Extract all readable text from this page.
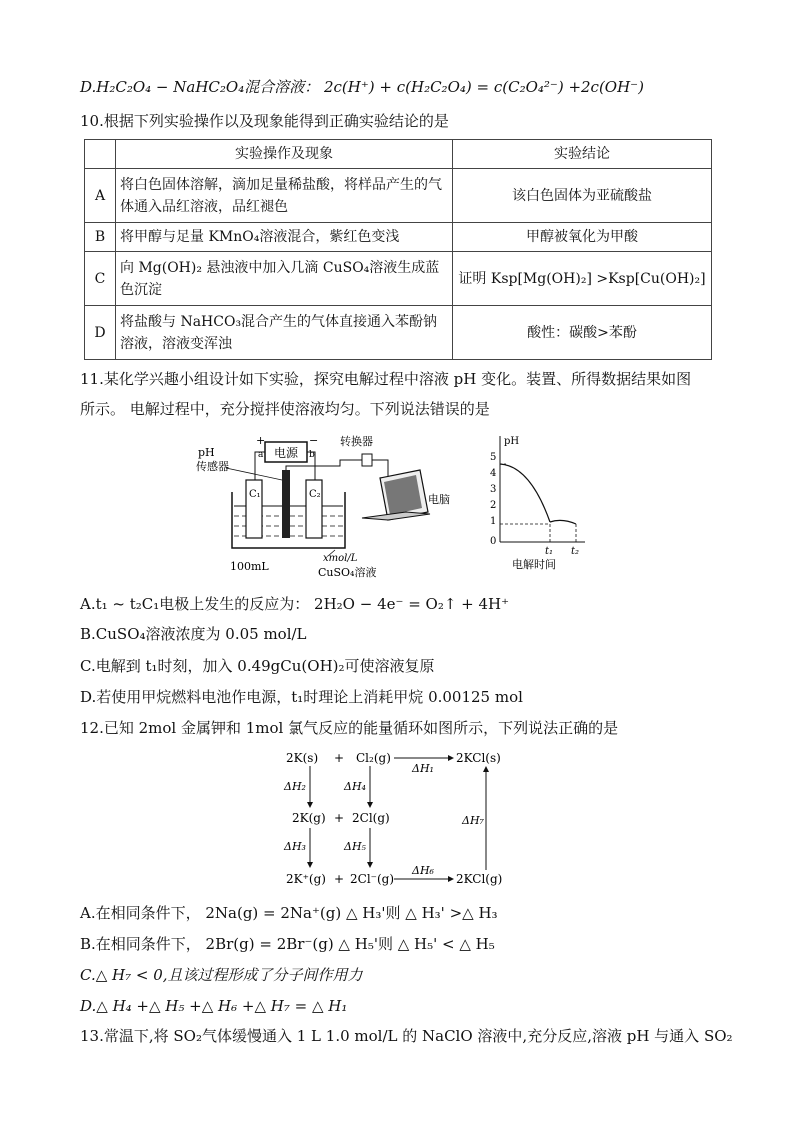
D.H₂C₂O₄ − NaHC₂O₄混合溶液： 2c(H⁺) + c(H₂C₂O₄) = c(C₂O₄²⁻) +2c(OH⁻)
10.根据下列实验操作以及现象能得到正确实验结论的是
	实验操作及现象	实验结论
A	将白色固体溶解，滴加足量稀盐酸，将样品产生的气体通入品红溶液，品红褪色	该白色固体为亚硫酸盐
B	将甲醇与足量 KMnO₄溶液混合，紫红色变浅	甲醇被氧化为甲酸
C	向 Mg(OH)₂ 悬浊液中加入几滴 CuSO₄溶液生成蓝色沉淀	证明 Ksp[Mg(OH)₂] >Ksp[Cu(OH)₂]
D	将盐酸与 NaHCO₃混合产生的气体直接通入苯酚钠溶液，溶液变浑浊	酸性：碳酸>苯酚
11.某化学兴趣小组设计如下实验，探究电解过程中溶液 pH 变化。装置、所得数据结果如图
所示。 电解过程中，充分搅拌使溶液均匀。下列说法错误的是
电源
+	−
a	b
C₁	C₂
pH
传感器
转换器
电脑
100mL
xmol/L
CuSO₄溶液
pH
5
4
3
2
1
0
t₁ t₂
电解时间
A.t₁ ~ t₂C₁电极上发生的反应为： 2H₂O − 4e⁻ = O₂↑ + 4H⁺
B.CuSO₄溶液浓度为 0.05 mol/L
C.电解到 t₁时刻，加入 0.49gCu(OH)₂可使溶液复原
D.若使用甲烷燃料电池作电源，t₁时理论上消耗甲烷 0.00125 mol
12.已知 2mol 金属钾和 1mol 氯气反应的能量循环如图所示，下列说法正确的是
2K(s) + Cl₂(g)
ΔH₁
2KCl(s)
ΔH₂	ΔH₄
2K(g) + 2Cl(g)
ΔH₃	ΔH₅
2K⁺(g) + 2Cl⁻(g)
ΔH₆
2KCl(g)
ΔH₇
A.在相同条件下， 2Na(g) = 2Na⁺(g) △ H₃'则 △ H₃' >△ H₃
B.在相同条件下， 2Br(g) = 2Br⁻(g) △ H₅'则 △ H₅' < △ H₅
C.△ H₇ < 0,且该过程形成了分子间作用力
D.△ H₄ +△ H₅ +△ H₆ +△ H₇ = △ H₁
13.常温下,将 SO₂气体缓慢通入 1 L 1.0 mol/L 的 NaClO 溶液中,充分反应,溶液 pH 与通入 SO₂
